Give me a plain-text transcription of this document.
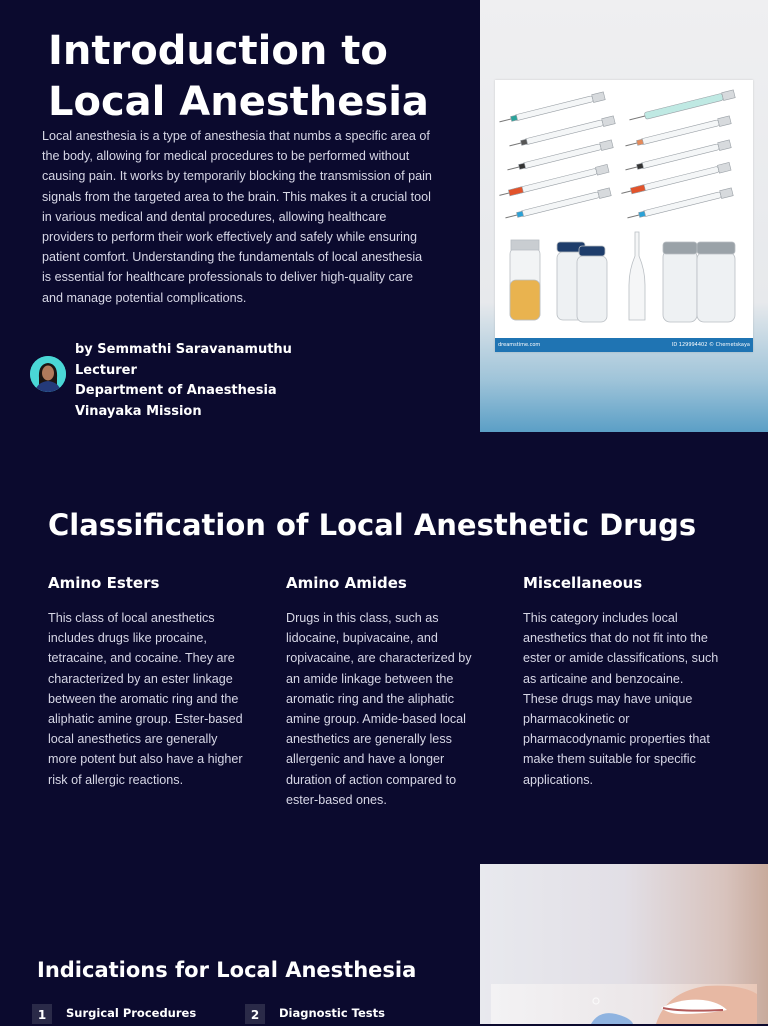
dreamstime.com	ID 129994402 © Chernetskaya

Local anesthesia is a type of anesthesia that numbs a specific area of the body, allowing for medical procedures to be performed without causing pain. It works by temporarily blocking the transmission of pain signals from the targeted area to the brain. This makes it a crucial tool in various medical and dental procedures, allowing healthcare providers to perform their work effectively and safely while ensuring patient comfort. Understanding the fundamentals of local anesthesia is essential for healthcare professionals to deliver high-quality care and manage potential complications.

Introduction to Local Anesthesia
by Semmathi Saravanamuthu
Lecturer
Department of Anaesthesia
Vinayaka Mission
Classification of Local Anesthetic Drugs
Amino Esters

This class of local anesthetics includes drugs like procaine, tetracaine, and cocaine. They are characterized by an ester linkage between the aromatic ring and the aliphatic amine group. Ester-based local anesthetics are generally more potent but also have a higher risk of allergic reactions.

Amino Amides

Drugs in this class, such as lidocaine, bupivacaine, and ropivacaine, are characterized by an amide linkage between the aromatic ring and the aliphatic amine group. Amide-based local anesthetics are generally less allergenic and have a longer duration of action compared to ester-based ones.

Miscellaneous

This category includes local anesthetics that do not fit into the ester or amide classifications, such as articaine and benzocaine. These drugs may have unique pharmacokinetic or pharmacodynamic properties that make them suitable for specific applications.

Indications for Local Anesthesia
1	Surgical Procedures	2	Diagnostic Tests
